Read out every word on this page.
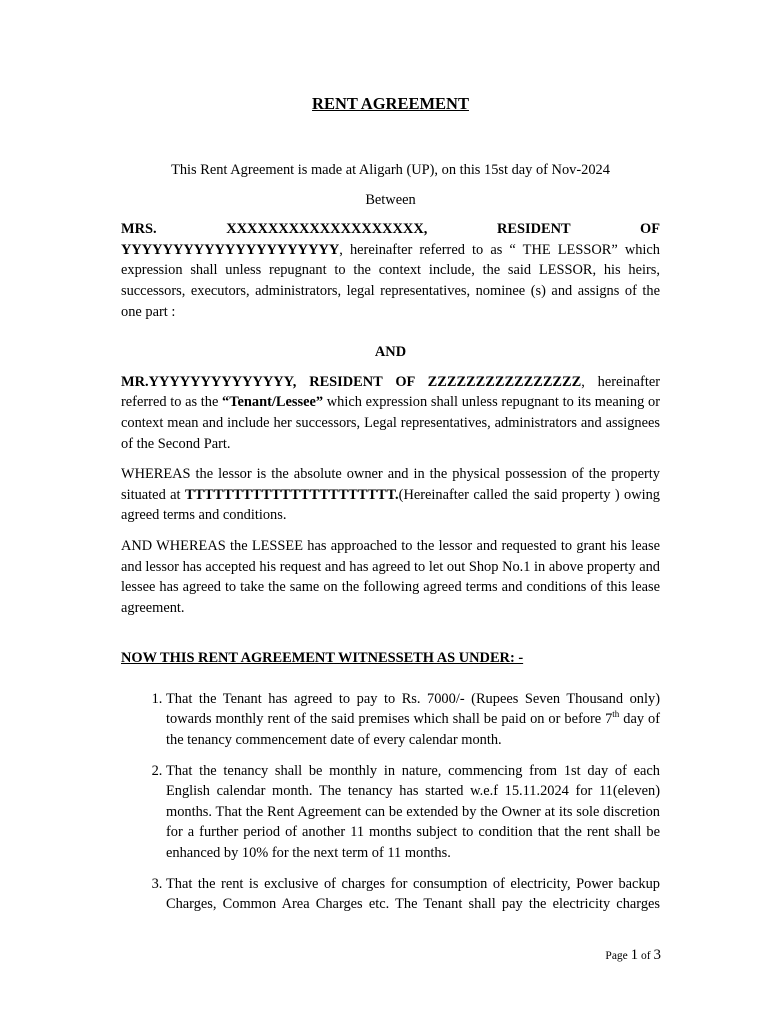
RENT AGREEMENT

This Rent Agreement is made at Aligarh (UP), on this 15st day of Nov-2024

Between

MRS. XXXXXXXXXXXXXXXXXXX, RESIDENT OF YYYYYYYYYYYYYYYYYYYYY, hereinafter referred to as “ THE LESSOR” which expression shall unless repugnant to the context include, the said LESSOR, his heirs, successors, executors, administrators, legal representatives, nominee (s) and assigns of the one part :

AND

MR.YYYYYYYYYYYYYY, RESIDENT OF ZZZZZZZZZZZZZZZZ, hereinafter referred to as the “Tenant/Lessee” which expression shall unless repugnant to its meaning or context mean and include her successors, Legal representatives, administrators and assignees of the Second Part.

WHEREAS the lessor is the absolute owner and in the physical possession of the property situated at TTTTTTTTTTTTTTTTTTTTTT.(Hereinafter called the said property ) owing agreed terms and conditions.

AND WHEREAS the LESSEE has approached to the lessor and requested to grant his lease and lessor has accepted his request and has agreed to let out Shop No.1 in above property and lessee has agreed to take the same on the following agreed terms and conditions of this lease agreement.

NOW THIS RENT AGREEMENT WITNESSETH AS UNDER: -

1. That the Tenant has agreed to pay to Rs. 7000/- (Rupees Seven Thousand only) towards monthly rent of the said premises which shall be paid on or before 7th day of the tenancy commencement date of every calendar month.
2. That the tenancy shall be monthly in nature, commencing from 1st day of each English calendar month. The tenancy has started w.e.f 15.11.2024 for 11(eleven) months. That the Rent Agreement can be extended by the Owner at its sole discretion for a further period of another 11 months subject to condition that the rent shall be enhanced by 10% for the next term of 11 months.
3. That the rent is exclusive of charges for consumption of electricity, Power backup Charges, Common Area Charges etc. The Tenant shall pay the electricity charges
Page 1 of 3
